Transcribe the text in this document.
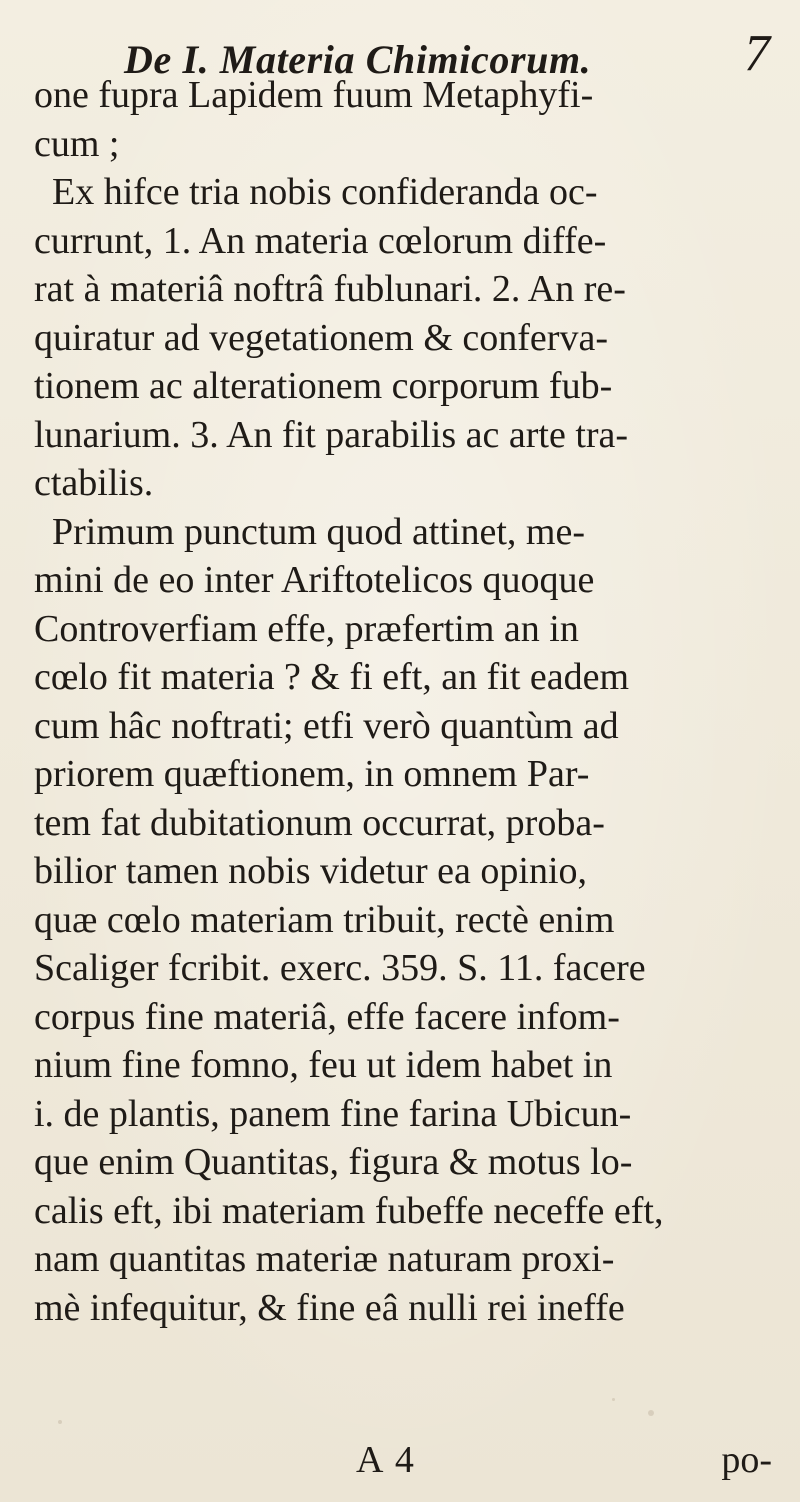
De I. Materia Chimicorum.	7
one fupra Lapidem fuum Metaphyfi-
cum ;
Ex hifce tria nobis confideranda oc-
currunt, 1. An materia cœlorum diffe-
rat à materiâ noftrâ fublunari. 2. An re-
quiratur ad vegetationem & conferva-
tionem ac alterationem corporum fub-
lunarium. 3. An fit parabilis ac arte tra-
ctabilis.
Primum punctum quod attinet, me-
mini de eo inter Ariftotelicos quoque
Controverfiam effe, præfertim an in
cœlo fit materia ? & fi eft, an fit eadem
cum hâc noftrati; etfi verò quantùm ad
priorem quæftionem, in omnem Par-
tem fat dubitationum occurrat, proba-
bilior tamen nobis videtur ea opinio,
quæ cœlo materiam tribuit, rectè enim
Scaliger fcribit. exerc. 359. S. 11. facere
corpus fine materiâ, effe facere infom-
nium fine fomno, feu ut idem habet in
i. de plantis, panem fine farina Ubicun-
que enim Quantitas, figura & motus lo-
calis eft, ibi materiam fubeffe neceffe eft,
nam quantitas materiæ naturam proxi-
mè infequitur, & fine eâ nulli rei ineffe
A 4	po-
